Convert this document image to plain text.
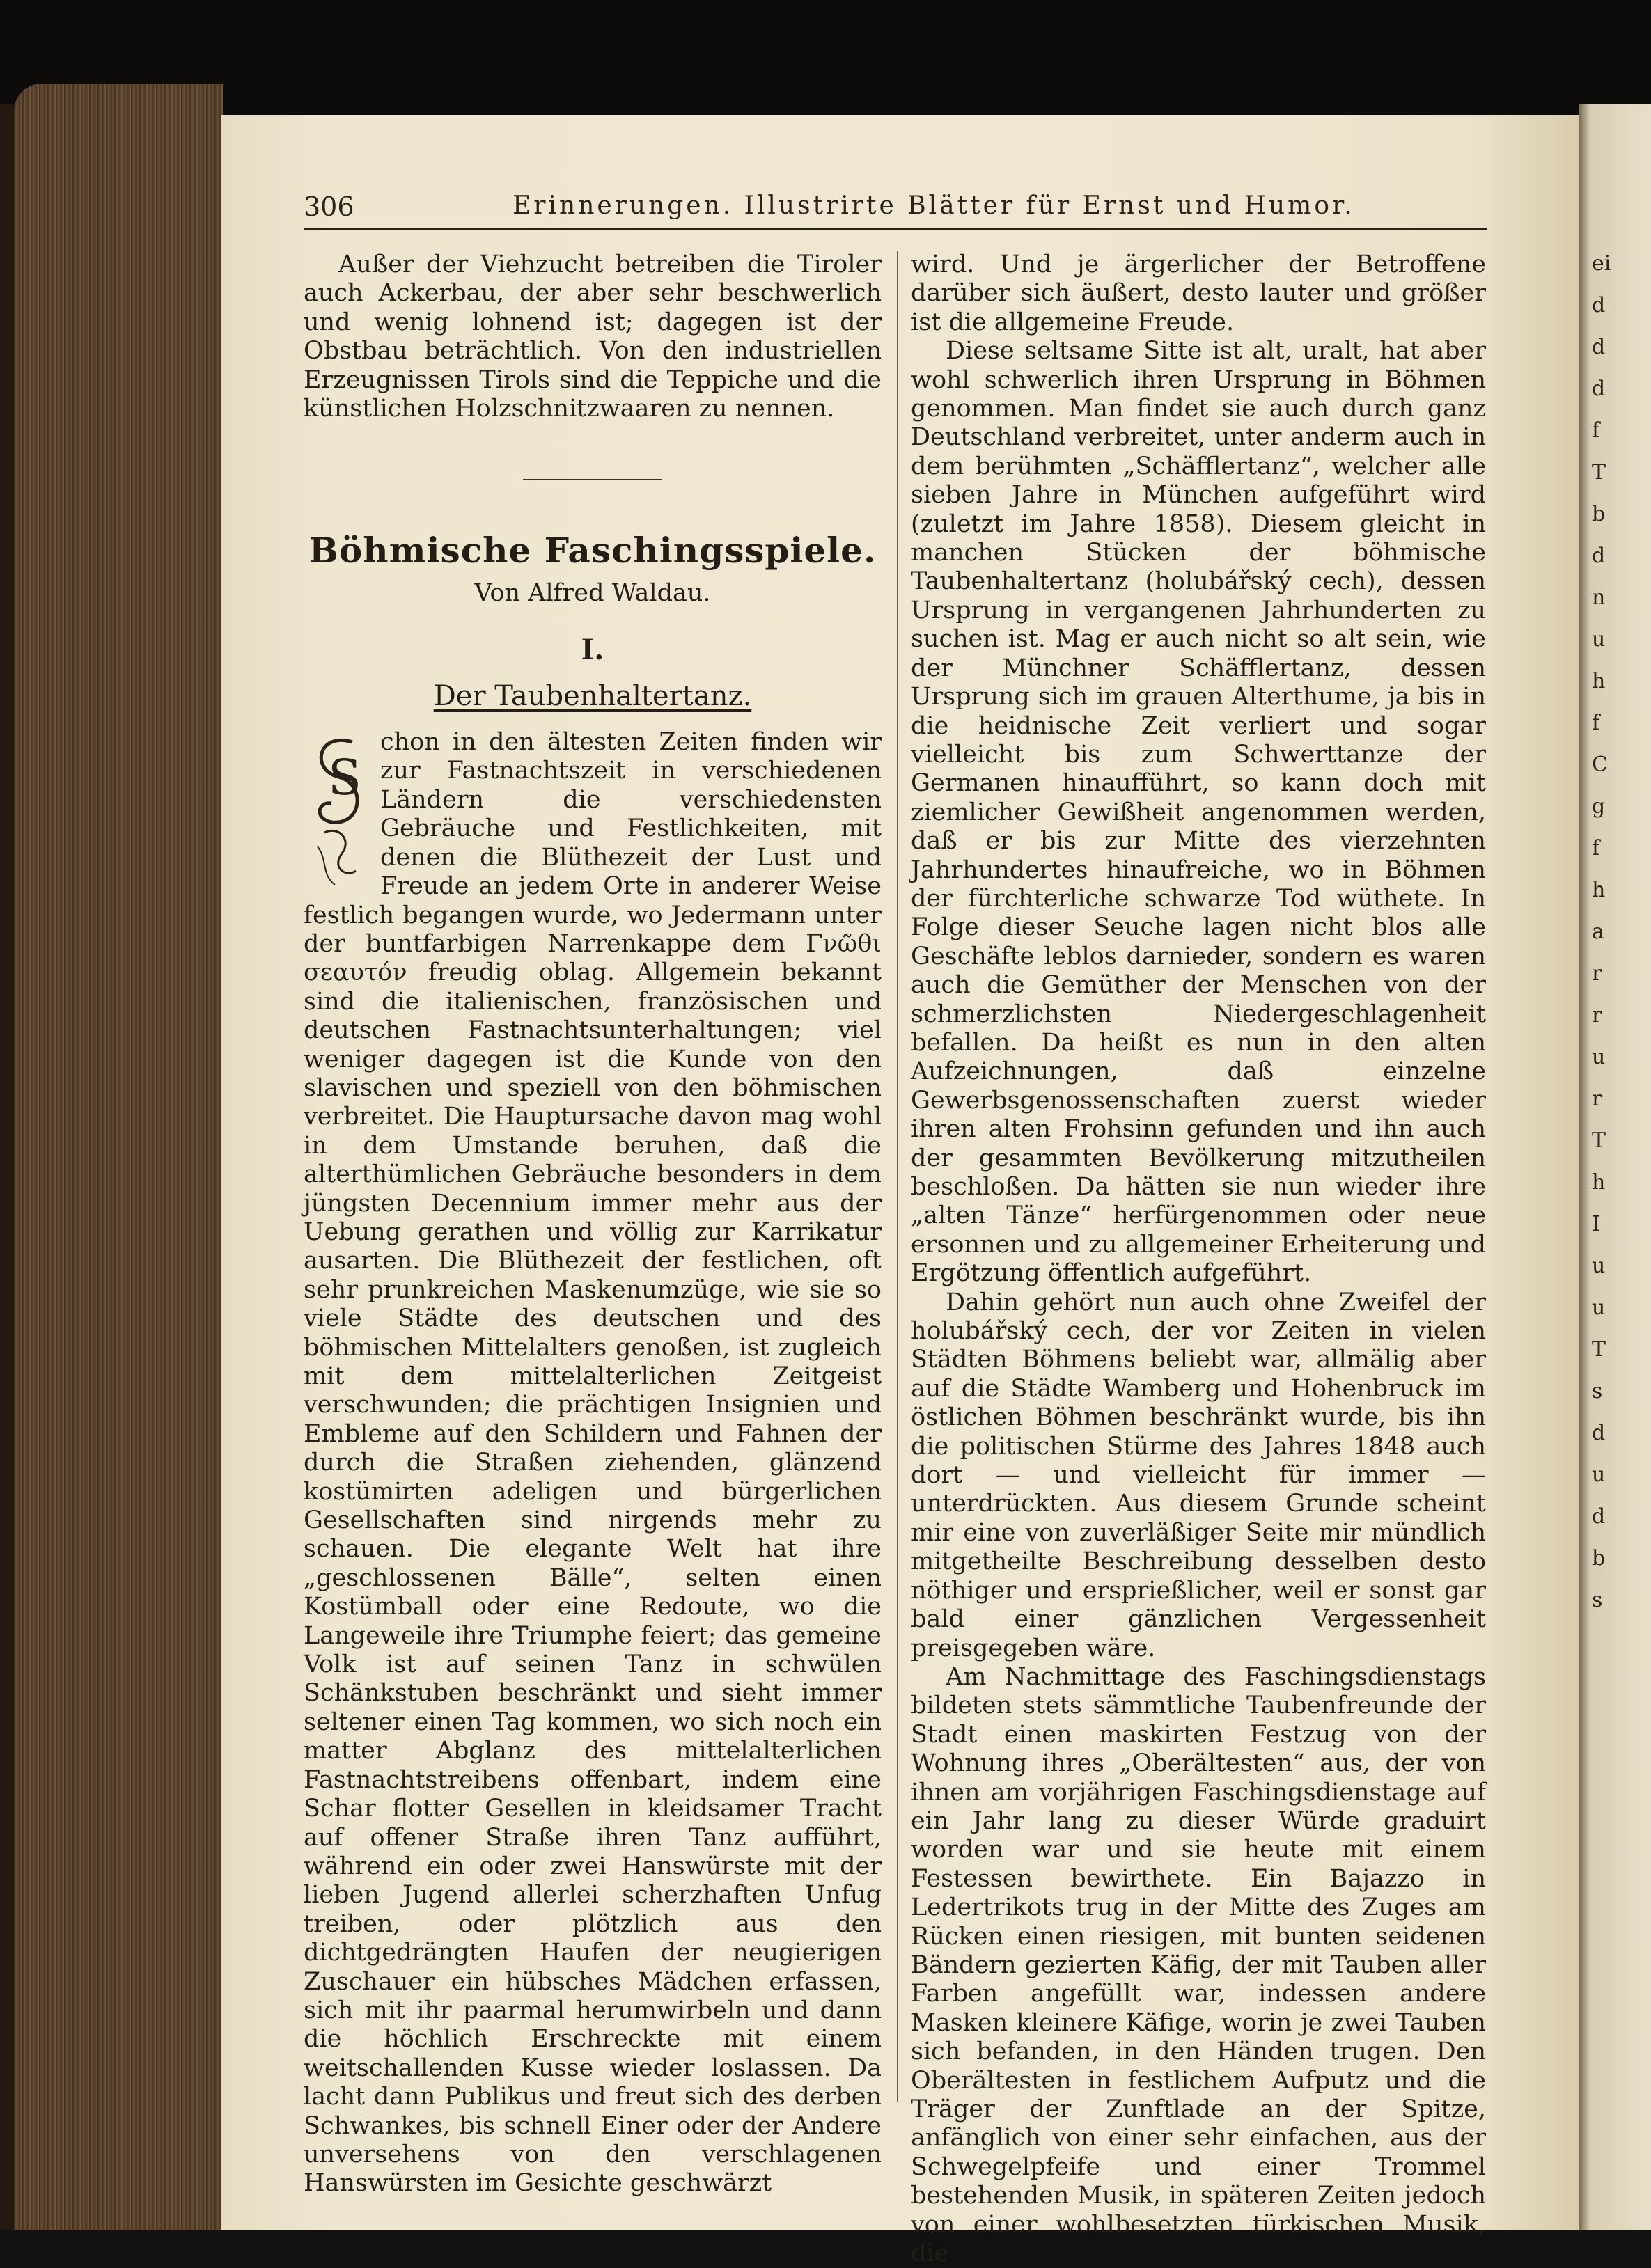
ei
d
d
d
f
T
b
d
n
u
h
f
C
g
f
h
a
r
r
u
r
T
h
I
u
u
T
s
d
u
d
b
s
306	Erinnerungen. Illustrirte Blätter für Ernst und Humor.

Außer der Viehzucht betreiben die Tiroler auch Ackerbau, der aber sehr beschwerlich und wenig lohnend ist; dagegen ist der Obstbau beträchtlich. Von den industriellen Erzeugnissen Tirols sind die Teppiche und die künstlichen Holzschnitzwaaren zu nennen.

Böhmische Faschingsspiele.

Von Alfred Waldau.

I.

Der Taubenhaltertanz.

S

chon in den ältesten Zeiten finden wir zur Fastnachtszeit in verschiedenen Ländern die verschiedensten Gebräuche und Festlichkeiten, mit denen die Blüthezeit der Lust und Freude an jedem Orte in anderer Weise festlich begangen wurde, wo Jedermann unter der buntfarbigen Narrenkappe dem Γνῶθι σεαυτόν freudig oblag. Allgemein bekannt sind die italienischen, französischen und deutschen Fastnachtsunterhaltungen; viel weniger dagegen ist die Kunde von den slavischen und speziell von den böhmischen verbreitet. Die Hauptursache davon mag wohl in dem Umstande beruhen, daß die alterthümlichen Gebräuche besonders in dem jüngsten Decennium immer mehr aus der Uebung gerathen und völlig zur Karrikatur ausarten. Die Blüthezeit der festlichen, oft sehr prunkreichen Maskenumzüge, wie sie so viele Städte des deutschen und des böhmischen Mittelalters genoßen, ist zugleich mit dem mittelalterlichen Zeitgeist verschwunden; die prächtigen Insignien und Embleme auf den Schildern und Fahnen der durch die Straßen ziehenden, glänzend kostümirten adeligen und bürgerlichen Gesellschaften sind nirgends mehr zu schauen. Die elegante Welt hat ihre „geschlossenen Bälle“, selten einen Kostümball oder eine Redoute, wo die Langeweile ihre Triumphe feiert; das gemeine Volk ist auf seinen Tanz in schwülen Schänkstuben beschränkt und sieht immer seltener einen Tag kommen, wo sich noch ein matter Abglanz des mittelalterlichen Fastnachtstreibens offenbart, indem eine Schar flotter Gesellen in kleidsamer Tracht auf offener Straße ihren Tanz aufführt, während ein oder zwei Hanswürste mit der lieben Jugend allerlei scherzhaften Unfug treiben, oder plötzlich aus den dichtgedrängten Haufen der neugierigen Zuschauer ein hübsches Mädchen erfassen, sich mit ihr paarmal herumwirbeln und dann die höchlich Erschreckte mit einem weitschallenden Kusse wieder loslassen. Da lacht dann Publikus und freut sich des derben Schwankes, bis schnell Einer oder der Andere unversehens von den verschlagenen Hanswürsten im Gesichte geschwärzt

wird. Und je ärgerlicher der Betroffene darüber sich äußert, desto lauter und größer ist die allgemeine Freude.

Diese seltsame Sitte ist alt, uralt, hat aber wohl schwerlich ihren Ursprung in Böhmen genommen. Man findet sie auch durch ganz Deutschland verbreitet, unter anderm auch in dem berühmten „Schäfflertanz“, welcher alle sieben Jahre in München aufgeführt wird (zuletzt im Jahre 1858). Diesem gleicht in manchen Stücken der böhmische Taubenhaltertanz (holubářský cech), dessen Ursprung in vergangenen Jahrhunderten zu suchen ist. Mag er auch nicht so alt sein, wie der Münchner Schäfflertanz, dessen Ursprung sich im grauen Alterthume, ja bis in die heidnische Zeit verliert und sogar vielleicht bis zum Schwerttanze der Germanen hinaufführt, so kann doch mit ziemlicher Gewißheit angenommen werden, daß er bis zur Mitte des vierzehnten Jahrhundertes hinaufreiche, wo in Böhmen der fürchterliche schwarze Tod wüthete. In Folge dieser Seuche lagen nicht blos alle Geschäfte leblos darnieder, sondern es waren auch die Gemüther der Menschen von der schmerzlichsten Niedergeschlagenheit befallen. Da heißt es nun in den alten Aufzeichnungen, daß einzelne Gewerbsgenossenschaften zuerst wieder ihren alten Frohsinn gefunden und ihn auch der gesammten Bevölkerung mitzutheilen beschloßen. Da hätten sie nun wieder ihre „alten Tänze“ herfürgenommen oder neue ersonnen und zu allgemeiner Erheiterung und Ergötzung öffentlich aufgeführt.

Dahin gehört nun auch ohne Zweifel der holubářský cech, der vor Zeiten in vielen Städten Böhmens beliebt war, allmälig aber auf die Städte Wamberg und Hohenbruck im östlichen Böhmen beschränkt wurde, bis ihn die politischen Stürme des Jahres 1848 auch dort — und vielleicht für immer — unterdrückten. Aus diesem Grunde scheint mir eine von zuverläßiger Seite mir mündlich mitgetheilte Beschreibung desselben desto nöthiger und ersprießlicher, weil er sonst gar bald einer gänzlichen Vergessenheit preisgegeben wäre.

Am Nachmittage des Faschingsdienstags bildeten stets sämmtliche Taubenfreunde der Stadt einen maskirten Festzug von der Wohnung ihres „Oberältesten“ aus, der von ihnen am vorjährigen Faschingsdienstage auf ein Jahr lang zu dieser Würde graduirt worden war und sie heute mit einem Festessen bewirthete. Ein Bajazzo in Ledertrikots trug in der Mitte des Zuges am Rücken einen riesigen, mit bunten seidenen Bändern gezierten Käfig, der mit Tauben aller Farben angefüllt war, indessen andere Masken kleinere Käfige, worin je zwei Tauben sich befanden, in den Händen trugen. Den Oberältesten in festlichem Aufputz und die Träger der Zunftlade an der Spitze, anfänglich von einer sehr einfachen, aus der Schwegelpfeife und einer Trommel bestehenden Musik, in späteren Zeiten jedoch von einer wohlbesetzten türkischen Musik, die
